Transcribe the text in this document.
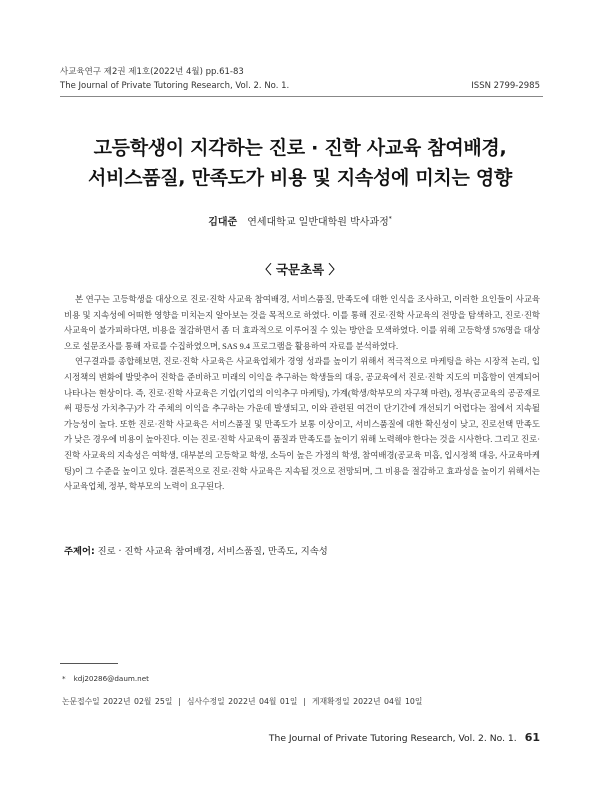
사교육연구 제2권 제1호(2022년 4월) pp.61-83
The Journal of Private Tutoring Research, Vol. 2. No. 1.	ISSN 2799-2985
고등학생이 지각하는 진로 · 진학 사교육 참여배경,
서비스품질, 만족도가 비용 및 지속성에 미치는 영향
김대준 연세대학교 일반대학원 박사과정*
〈 국문초록 〉

본 연구는 고등학생을 대상으로 진로·진학 사교육 참여배경, 서비스품질, 만족도에 대한 인식을 조사하고, 이러한 요인들이 사교육비용 및 지속성에 어떠한 영향을 미치는지 알아보는 것을 목적으로 하였다. 이를 통해 진로·진학 사교육의 전망을 탐색하고, 진로·진학 사교육이 불가피하다면, 비용을 절감하면서 좀 더 효과적으로 이루어질 수 있는 방안을 모색하였다. 이를 위해 고등학생 576명을 대상으로 설문조사를 통해 자료를 수집하였으며, SAS 9.4 프로그램을 활용하여 자료를 분석하였다.

연구결과를 종합해보면, 진로·진학 사교육은 사교육업체가 경영 성과를 높이기 위해서 적극적으로 마케팅을 하는 시장적 논리, 입시정책의 변화에 발맞추어 진학을 준비하고 미래의 이익을 추구하는 학생들의 대응, 공교육에서 진로·진학 지도의 미흡함이 연계되어 나타나는 현상이다. 즉, 진로·진학 사교육은 기업(기업의 이익추구 마케팅), 가계(학생/학부모의 자구책 마련), 정부(공교육의 공공재로써 평등성 가치추구)가 각 주체의 이익을 추구하는 가운데 발생되고, 이와 관련된 여건이 단기간에 개선되기 어렵다는 점에서 지속될 가능성이 높다. 또한 진로·진학 사교육은 서비스품질 및 만족도가 보통 이상이고, 서비스품질에 대한 확신성이 낮고, 진로선택 만족도가 낮은 경우에 비용이 높아진다. 이는 진로·진학 사교육이 품질과 만족도를 높이기 위해 노력해야 한다는 것을 시사한다. 그리고 진로·진학 사교육의 지속성은 여학생, 대부분의 고등학교 학생, 소득이 높은 가정의 학생, 참여배경(공교육 미흡, 입시정책 대응, 사교육마케팅)이 그 수준을 높이고 있다. 결론적으로 진로·진학 사교육은 지속될 것으로 전망되며, 그 비용을 절감하고 효과성을 높이기 위해서는 사교육업체, 정부, 학부모의 노력이 요구된다.

주제어: 진로 · 진학 사교육 참여배경, 서비스품질, 만족도, 지속성
* kdj20286@daum.net
논문접수일 2022년 02월 25일 | 심사수정일 2022년 04월 01일 | 게재확정일 2022년 04월 10일
The Journal of Private Tutoring Research, Vol. 2. No. 1. 61
